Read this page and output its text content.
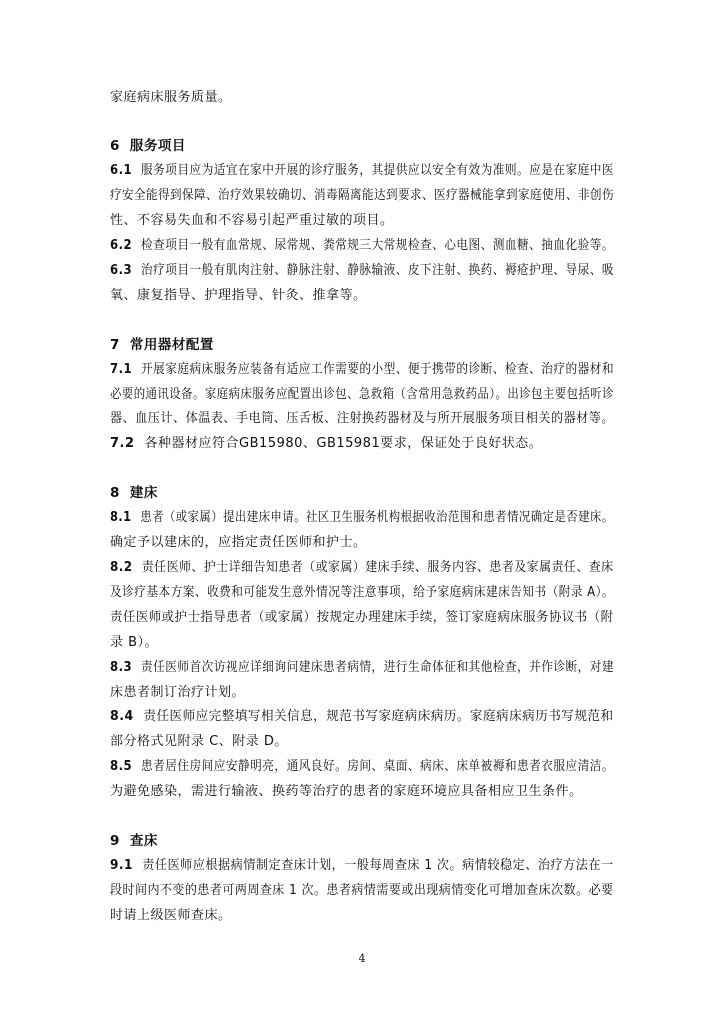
家庭病床服务质量。
6 服务项目
6.1 服务项目应为适宜在家中开展的诊疗服务，其提供应以安全有效为准则。应是在家庭中医
疗安全能得到保障、治疗效果较确切、消毒隔离能达到要求、医疗器械能拿到家庭使用、非创伤
性、不容易失血和不容易引起严重过敏的项目。
6.2 检查项目一般有血常规、尿常规、粪常规三大常规检查、心电图、测血糖、抽血化验等。
6.3 治疗项目一般有肌肉注射、静脉注射、静脉输液、皮下注射、换药、褥疮护理、导尿、吸
氧、康复指导、护理指导、针灸、推拿等。
7 常用器材配置
7.1 开展家庭病床服务应装备有适应工作需要的小型、便于携带的诊断、检查、治疗的器材和
必要的通讯设备。家庭病床服务应配置出诊包、急救箱（含常用急救药品）。出诊包主要包括听诊
器、血压计、体温表、手电筒、压舌板、注射换药器材及与所开展服务项目相关的器材等。
7.2 各种器材应符合GB15980、GB15981要求，保证处于良好状态。
8 建床
8.1 患者（或家属）提出建床申请。社区卫生服务机构根据收治范围和患者情况确定是否建床。
确定予以建床的，应指定责任医师和护士。
8.2 责任医师、护士详细告知患者（或家属）建床手续、服务内容、患者及家属责任、查床
及诊疗基本方案、收费和可能发生意外情况等注意事项，给予家庭病床建床告知书（附录 A）。
责任医师或护士指导患者（或家属）按规定办理建床手续，签订家庭病床服务协议书（附
录 B）。
8.3 责任医师首次访视应详细询问建床患者病情，进行生命体征和其他检查，并作诊断，对建
床患者制订治疗计划。
8.4 责任医师应完整填写相关信息，规范书写家庭病床病历。家庭病床病历书写规范和
部分格式见附录 C、附录 D。
8.5 患者居住房间应安静明亮，通风良好。房间、桌面、病床、床单被褥和患者衣服应清洁。
为避免感染，需进行输液、换药等治疗的患者的家庭环境应具备相应卫生条件。
9 查床
9.1 责任医师应根据病情制定查床计划，一般每周查床 1 次。病情较稳定、治疗方法在一
段时间内不变的患者可两周查床 1 次。患者病情需要或出现病情变化可增加查床次数。必要
时请上级医师查床。
4
